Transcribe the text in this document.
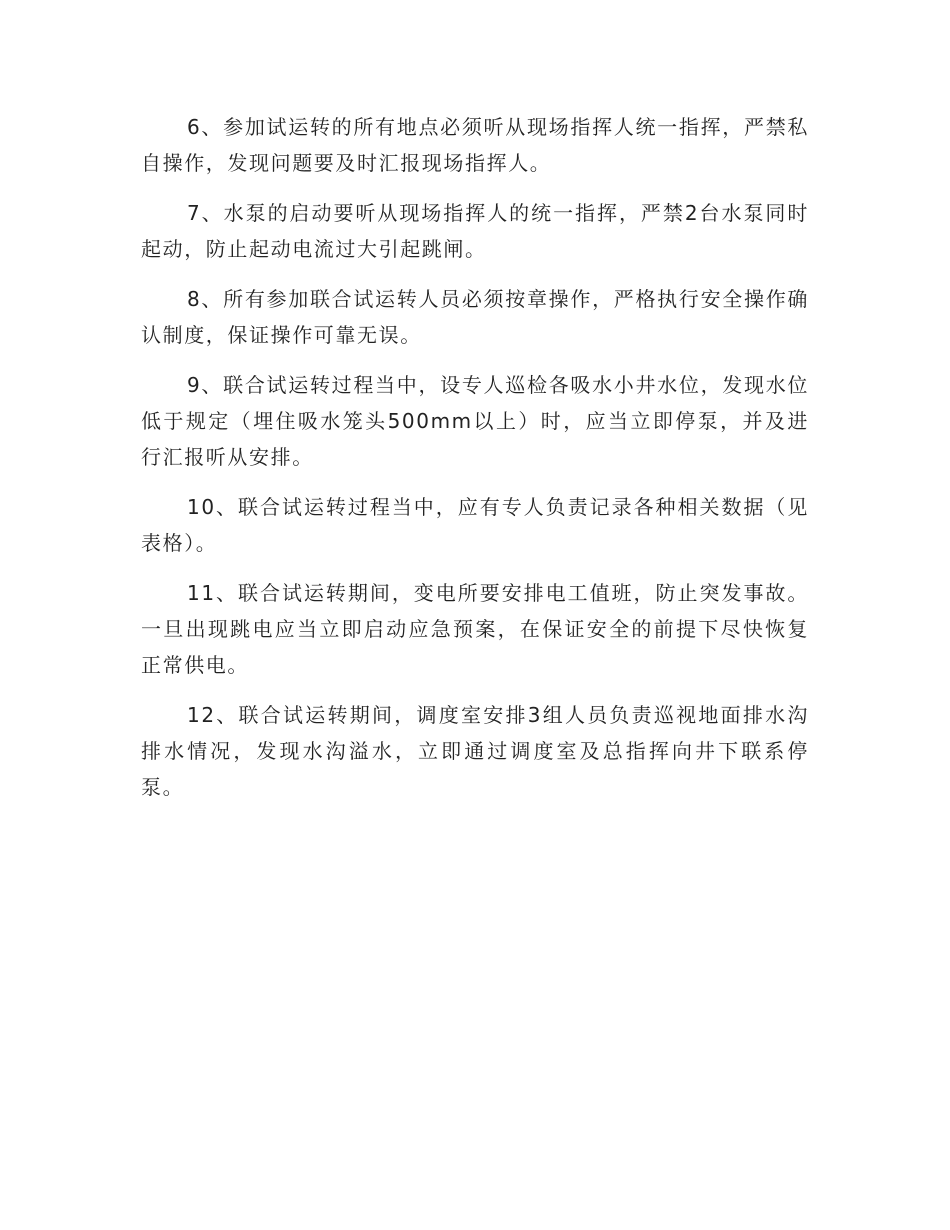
6、参加试运转的所有地点必须听从现场指挥人统一指挥，严禁私自操作，发现问题要及时汇报现场指挥人。

7、水泵的启动要听从现场指挥人的统一指挥，严禁2台水泵同时起动，防止起动电流过大引起跳闸。

8、所有参加联合试运转人员必须按章操作，严格执行安全操作确认制度，保证操作可靠无误。

9、联合试运转过程当中，设专人巡检各吸水小井水位，发现水位低于规定（埋住吸水笼头500mm以上）时，应当立即停泵，并及进行汇报听从安排。

10、联合试运转过程当中，应有专人负责记录各种相关数据（见表格）。

11、联合试运转期间，变电所要安排电工值班，防止突发事故。一旦出现跳电应当立即启动应急预案，在保证安全的前提下尽快恢复正常供电。

12、联合试运转期间，调度室安排3组人员负责巡视地面排水沟排水情况，发现水沟溢水，立即通过调度室及总指挥向井下联系停泵。
